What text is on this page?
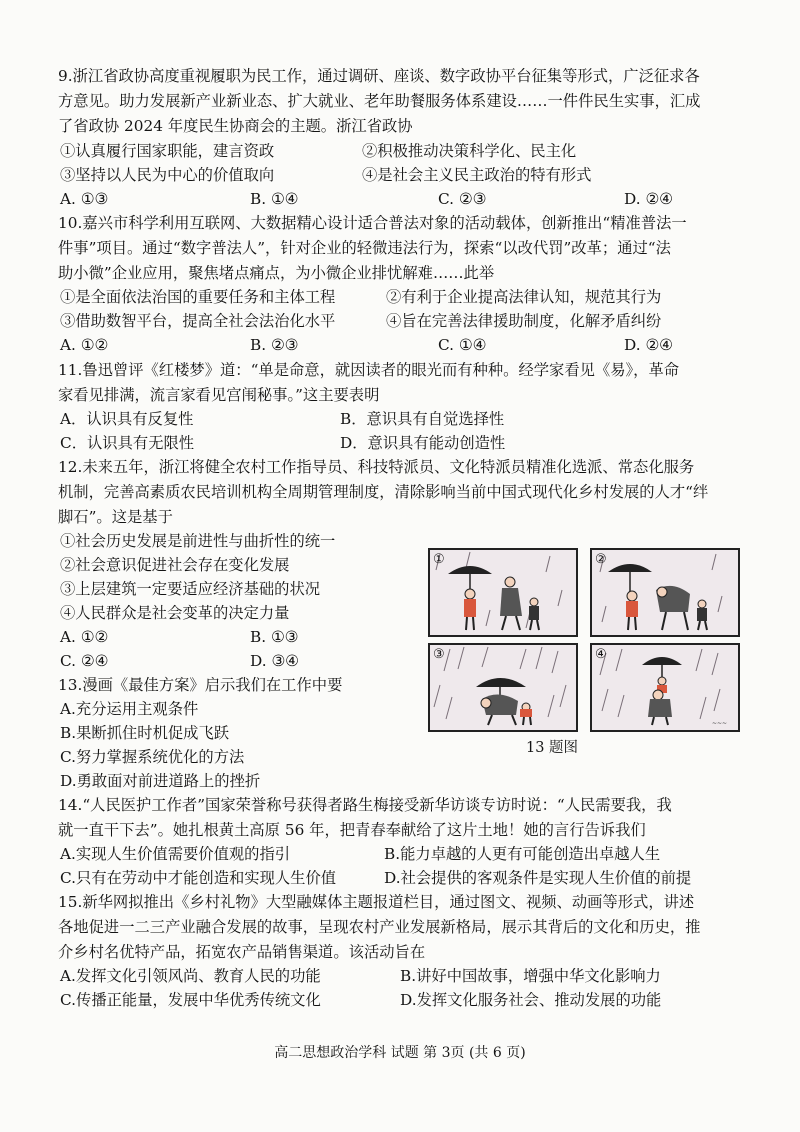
9.浙江省政协高度重视履职为民工作，通过调研、座谈、数字政协平台征集等形式，广泛征求各
方意见。助力发展新产业新业态、扩大就业、老年助餐服务体系建设……一件件民生实事，汇成
了省政协 2024 年度民生协商会的主题。浙江省政协
①认真履行国家职能，建言资政	②积极推动决策科学化、民主化
③坚持以人民为中心的价值取向	④是社会主义民主政治的特有形式
A. ①③	B. ①④	C. ②③	D. ②④
10.嘉兴市科学利用互联网、大数据精心设计适合普法对象的活动载体，创新推出“精准普法一
件事”项目。通过“数字普法人”，针对企业的轻微违法行为，探索“以改代罚”改革；通过“法
助小微”企业应用，聚焦堵点痛点，为小微企业排忧解难……此举
①是全面依法治国的重要任务和主体工程	②有利于企业提高法律认知，规范其行为
③借助数智平台，提高全社会法治化水平	④旨在完善法律援助制度，化解矛盾纠纷
A. ①②	B. ②③	C. ①④	D. ②④
11.鲁迅曾评《红楼梦》道：“单是命意，就因读者的眼光而有种种。经学家看见《易》，革命
家看见排满，流言家看见宫闱秘事。”这主要表明
A．认识具有反复性	B．意识具有自觉选择性
C．认识具有无限性	D．意识具有能动创造性
12.未来五年，浙江将健全农村工作指导员、科技特派员、文化特派员精准化选派、常态化服务
机制，完善高素质农民培训机构全周期管理制度，清除影响当前中国式现代化乡村发展的人才“绊
脚石”。这是基于
①社会历史发展是前进性与曲折性的统一
②社会意识促进社会存在变化发展
③上层建筑一定要适应经济基础的状况
④人民群众是社会变革的决定力量
A. ①②	B. ①③
C. ②④	D. ③④
13.漫画《最佳方案》启示我们在工作中要
A.充分运用主观条件
B.果断抓住时机促成飞跃
C.努力掌握系统优化的方法
D.勇敢面对前进道路上的挫折
①	②
③
~~~
④
13 题图
14.“人民医护工作者”国家荣誉称号获得者路生梅接受新华访谈专访时说：“人民需要我，我
就一直干下去”。她扎根黄土高原 56 年，把青春奉献给了这片土地！她的言行告诉我们
A.实现人生价值需要价值观的指引	B.能力卓越的人更有可能创造出卓越人生
C.只有在劳动中才能创造和实现人生价值	D.社会提供的客观条件是实现人生价值的前提
15.新华网拟推出《乡村礼物》大型融媒体主题报道栏目，通过图文、视频、动画等形式，讲述
各地促进一二三产业融合发展的故事，呈现农村产业发展新格局，展示其背后的文化和历史，推
介乡村名优特产品，拓宽农产品销售渠道。该活动旨在
A.发挥文化引领风尚、教育人民的功能	B.讲好中国故事，增强中华文化影响力
C.传播正能量，发展中华优秀传统文化	D.发挥文化服务社会、推动发展的功能
高二思想政治学科 试题 第 3页 (共 6 页)
